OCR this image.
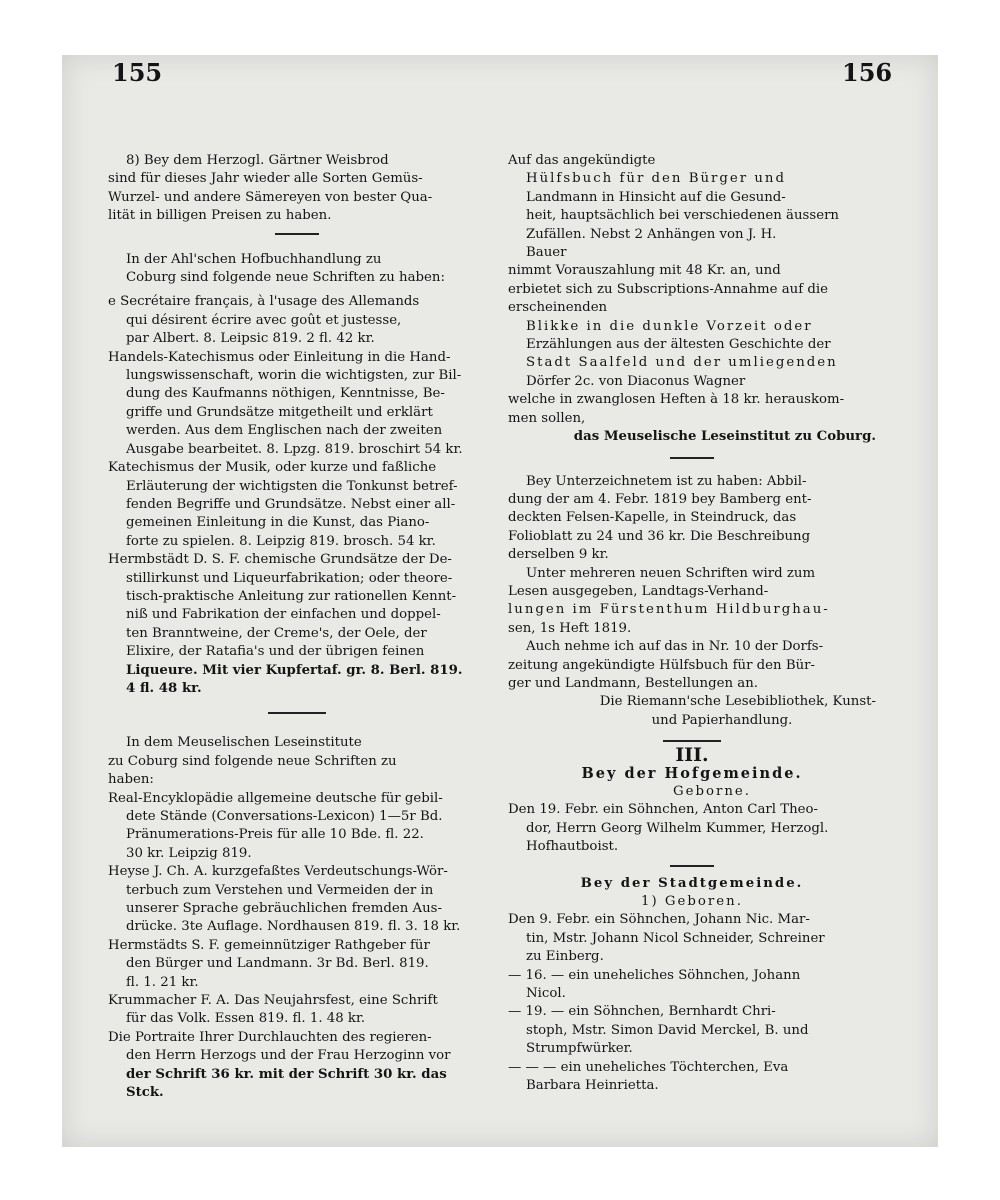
155	156

8) Bey dem Herzogl. Gärtner Weisbrod

sind für dieses Jahr wieder alle Sorten Gemüs-

Wurzel- und andere Sämereyen von bester Qua-

lität in billigen Preisen zu haben.

In der Ahl'schen Hofbuchhandlung zu

Coburg sind folgende neue Schriften zu haben:

e Secrétaire français, à l'usage des Allemands

qui désirent écrire avec goût et justesse,

par Albert. 8. Leipsic 819. 2 fl. 42 kr.

Handels-Katechismus oder Einleitung in die Hand-

lungswissenschaft, worin die wichtigsten, zur Bil-

dung des Kaufmanns nöthigen, Kenntnisse, Be-

griffe und Grundsätze mitgetheilt und erklärt

werden. Aus dem Englischen nach der zweiten

Ausgabe bearbeitet. 8. Lpzg. 819. broschirt 54 kr.

Katechismus der Musik, oder kurze und faßliche

Erläuterung der wichtigsten die Tonkunst betref-

fenden Begriffe und Grundsätze. Nebst einer all-

gemeinen Einleitung in die Kunst, das Piano-

forte zu spielen. 8. Leipzig 819. brosch. 54 kr.

Hermbstädt D. S. F. chemische Grundsätze der De-

stillirkunst und Liqueurfabrikation; oder theore-

tisch-praktische Anleitung zur rationellen Kennt-

niß und Fabrikation der einfachen und doppel-

ten Branntweine, der Creme's, der Oele, der

Elixire, der Ratafia's und der übrigen feinen

Liqueure. Mit vier Kupfertaf. gr. 8. Berl. 819.

4 fl. 48 kr.

In dem Meuselischen Leseinstitute

zu Coburg sind folgende neue Schriften zu

haben:

Real-Encyklopädie allgemeine deutsche für gebil-

dete Stände (Conversations-Lexicon) 1—5r Bd.

Pränumerations-Preis für alle 10 Bde. fl. 22.

30 kr. Leipzig 819.

Heyse J. Ch. A. kurzgefaßtes Verdeutschungs-Wör-

terbuch zum Verstehen und Vermeiden der in

unserer Sprache gebräuchlichen fremden Aus-

drücke. 3te Auflage. Nordhausen 819. fl. 3. 18 kr.

Hermstädts S. F. gemeinnütziger Rathgeber für

den Bürger und Landmann. 3r Bd. Berl. 819.

fl. 1. 21 kr.

Krummacher F. A. Das Neujahrsfest, eine Schrift

für das Volk. Essen 819. fl. 1. 48 kr.

Die Portraite Ihrer Durchlauchten des regieren-

den Herrn Herzogs und der Frau Herzoginn vor

der Schrift 36 kr. mit der Schrift 30 kr. das Stck.

Auf das angekündigte

Hülfsbuch für den Bürger und

Landmann in Hinsicht auf die Gesund-

heit, hauptsächlich bei verschiedenen äussern

Zufällen. Nebst 2 Anhängen von J. H.

Bauer

nimmt Vorauszahlung mit 48 Kr. an, und

erbietet sich zu Subscriptions-Annahme auf die

erscheinenden

Blikke in die dunkle Vorzeit oder

Erzählungen aus der ältesten Geschichte der

Stadt Saalfeld und der umliegenden

Dörfer 2c. von Diaconus Wagner

welche in zwanglosen Heften à 18 kr. herauskom-

men sollen,

das Meuselische Leseinstitut zu Coburg.

Bey Unterzeichnetem ist zu haben: Abbil-

dung der am 4. Febr. 1819 bey Bamberg ent-

deckten Felsen-Kapelle, in Steindruck, das

Folioblatt zu 24 und 36 kr. Die Beschreibung

derselben 9 kr.

Unter mehreren neuen Schriften wird zum

Lesen ausgegeben, Landtags-Verhand-

lungen im Fürstenthum Hildburghau-

sen, 1s Heft 1819.

Auch nehme ich auf das in Nr. 10 der Dorfs-

zeitung angekündigte Hülfsbuch für den Bür-

ger und Landmann, Bestellungen an.

Die Riemann'sche Lesebibliothek, Kunst-

und Papierhandlung.

III.

Bey der Hofgemeinde.

Geborne.

Den 19. Febr. ein Söhnchen, Anton Carl Theo-

dor, Herrn Georg Wilhelm Kummer, Herzogl.

Hofhautboist.

Bey der Stadtgemeinde.

1) Geboren.

Den 9. Febr. ein Söhnchen, Johann Nic. Mar-

tin, Mstr. Johann Nicol Schneider, Schreiner

zu Einberg.

— 16. — ein uneheliches Söhnchen, Johann

Nicol.

— 19. — ein Söhnchen, Bernhardt Chri-

stoph, Mstr. Simon David Merckel, B. und

Strumpfwürker.

— — — ein uneheliches Töchterchen, Eva

Barbara Heinrietta.
